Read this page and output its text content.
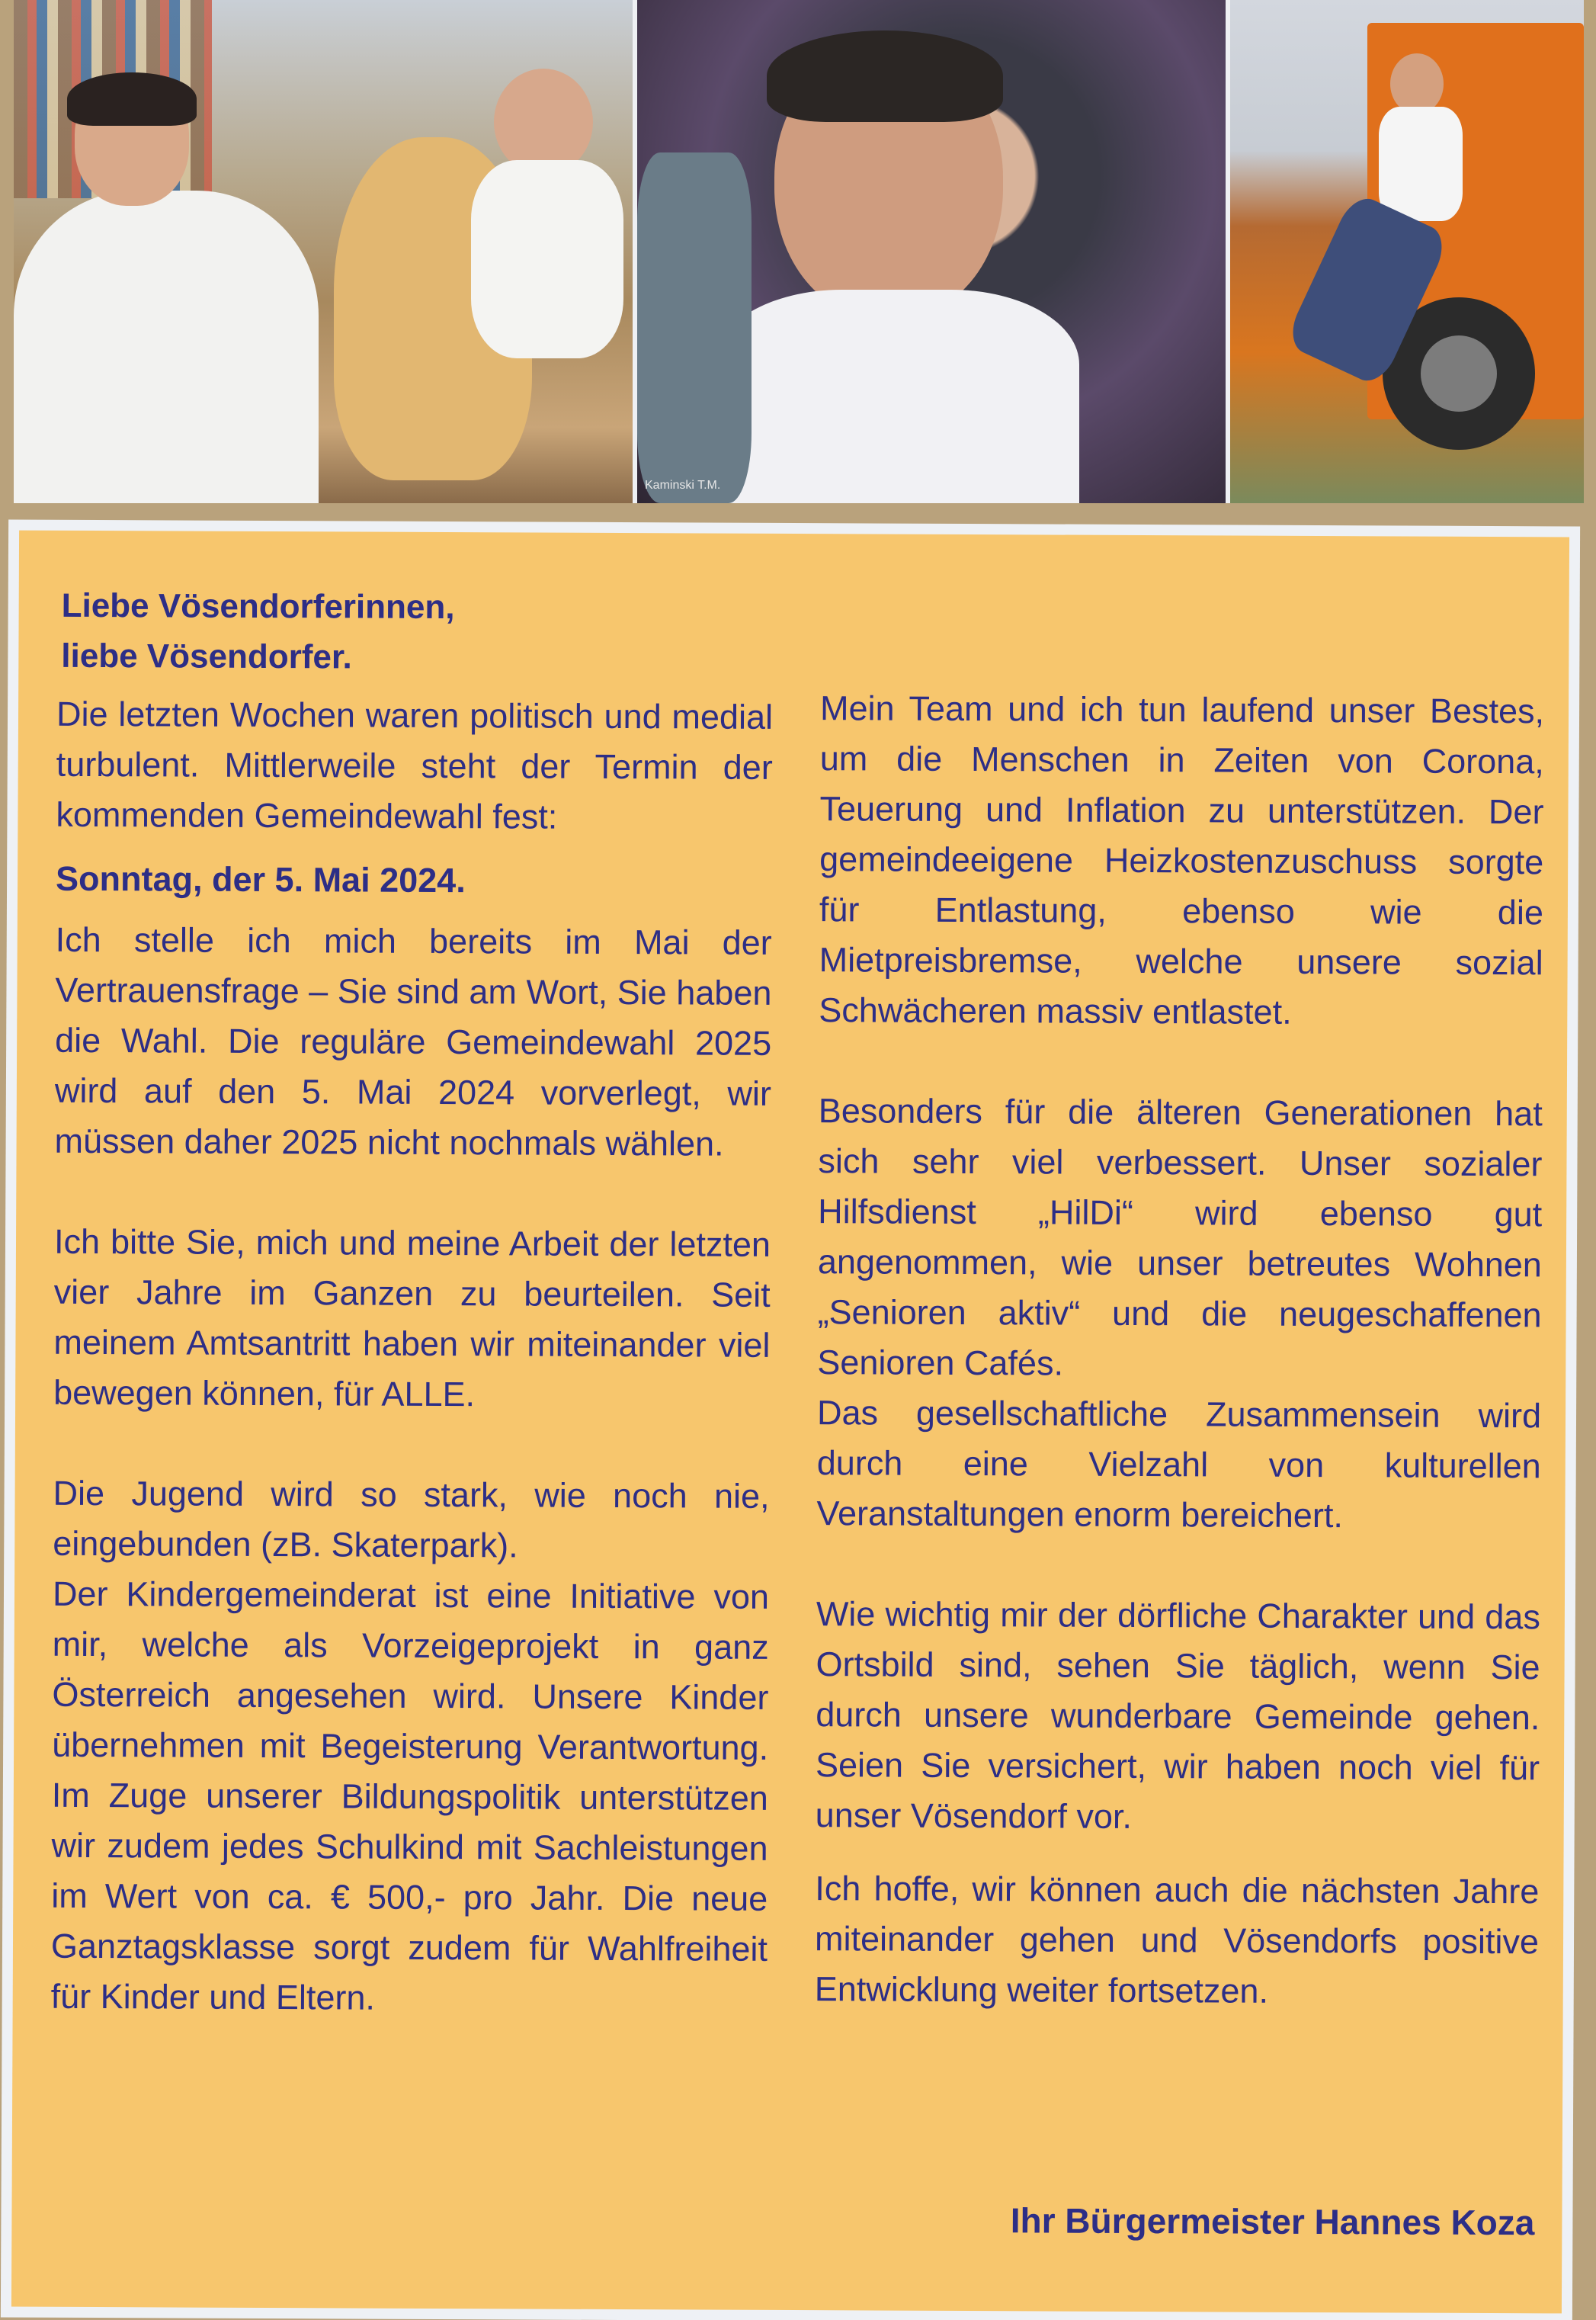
Kaminski T.M.
Liebe Vösendorferinnen,
liebe Vösendorfer.

Die letzten Wochen waren politisch und medial turbulent. Mittlerweile steht der Termin der kommenden Gemeindewahl fest:

Sonntag, der 5. Mai 2024.

Ich stelle ich mich bereits im Mai der Vertrauensfrage – Sie sind am Wort, Sie haben die Wahl. Die reguläre Gemeindewahl 2025 wird auf den 5. Mai 2024 vorverlegt, wir müssen daher 2025 nicht nochmals wählen.

Ich bitte Sie, mich und meine Arbeit der letzten vier Jahre im Ganzen zu beurteilen. Seit meinem Amtsantritt haben wir miteinander viel bewegen können, für ALLE.

Die Jugend wird so stark, wie noch nie, eingebunden (zB. Skaterpark).

Der Kindergemeinderat ist eine Initiative von mir, welche als Vorzeigeprojekt in ganz Österreich angesehen wird. Unsere Kinder übernehmen mit Begeisterung Verantwortung. Im Zuge unserer Bildungspolitik unterstützen wir zudem jedes Schulkind mit Sachleistungen im Wert von ca. € 500,- pro Jahr. Die neue Ganztagsklasse sorgt zudem für Wahlfreiheit für Kinder und Eltern.

Mein Team und ich tun laufend unser Bestes, um die Menschen in Zeiten von Corona, Teuerung und Inflation zu unterstützen. Der gemeindeeigene Heizkostenzuschuss sorgte für Entlastung, ebenso wie die Mietpreisbremse, welche unsere sozial Schwächeren massiv entlastet.

Besonders für die älteren Generationen hat sich sehr viel verbessert. Unser sozialer Hilfsdienst „HilDi“ wird ebenso gut angenommen, wie unser betreutes Wohnen „Senioren aktiv“ und die neugeschaffenen Senioren Cafés.

Das gesellschaftliche Zusammensein wird durch eine Vielzahl von kulturellen Veranstaltungen enorm bereichert.

Wie wichtig mir der dörfliche Charakter und das Ortsbild sind, sehen Sie täglich, wenn Sie durch unsere wunderbare Gemeinde gehen. Seien Sie versichert, wir haben noch viel für unser Vösendorf vor.

Ich hoffe, wir können auch die nächsten Jahre miteinander gehen und Vösendorfs positive Entwicklung weiter fortsetzen.

Ihr Bürgermeister Hannes Koza
